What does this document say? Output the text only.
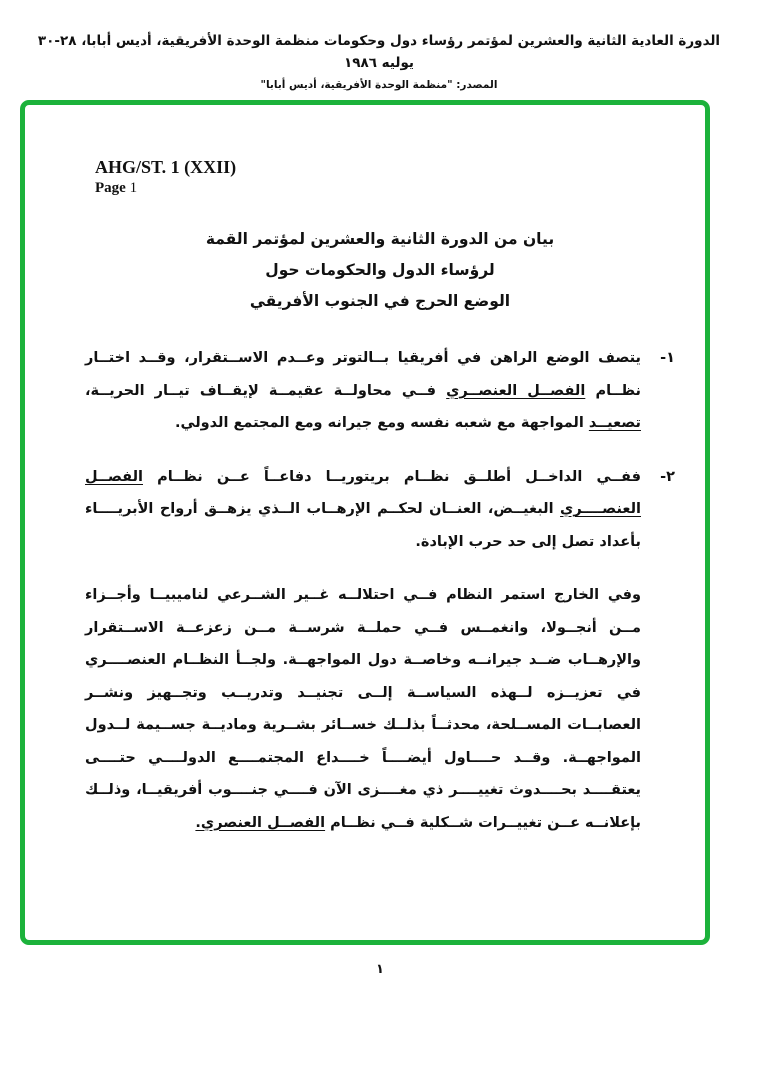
الدورة العادية الثانية والعشرين لمؤتمر رؤساء دول وحكومات منظمة الوحدة الأفريقية، أديس أبابا، ٢٨-٣٠ يوليه ١٩٨٦
المصدر: "منظمة الوحدة الأفريقية، أديس أبابا"
AHG/ST. 1 (XXII)
Page 1
بيان من الدورة الثانية والعشرين لمؤتمر القمة
لرؤساء الدول والحكومات حول
الوضع الحرج في الجنوب الأفريقي
١-
يتصف الوضع الراهن في أفريقيا بــالتوتر وعــدم الاســتقرار، وقــد اختــار نظــام الفصــل العنصــري فــي محاولــة عقيمــة لإيقــاف تيــار الحريــة، تصعيــد المواجهة مع شعبه نفسه ومع جيرانه ومع المجتمع الدولي.
٢-
ففــي الداخــل أطلــق نظــام بريتوريــا دفاعــاً عــن نظــام الفصــل العنصــــري البغيــض، العنــان لحكــم الإرهــاب الــذي يزهــق أرواح الأبريــــاء بأعداد تصل إلى حد حرب الإبادة.
وفي الخارج استمر النظام فــي احتلالــه غــير الشــرعي لناميبيــا وأجــزاء مــن أنجــولا، وانغمــس فــي حملــة شرســة مــن زعزعــة الاســتقرار والإرهــاب ضــد جيرانــه وخاصــة دول المواجهــة. ولجــأ النظــام العنصــــري في تعزيــزه لــهذه السياســة إلــى تجنيــد وتدريــب وتجــهيز ونشــر العصابــات المســلحة، محدثــاً بذلــك خســائر بشــرية وماديــة جســيمة لــدول المواجهــة. وقــد حــــاول أيضــــاً خــــداع المجتمــــع الدولــــي حتــــى يعتقــــد بحــــدوث تغييــــر ذي مغــــزى الآن فــــي جنــــوب أفريقيــا، وذلــك بإعلانــه عــن تغييــرات شــكلية فــي نظــام الفصــل العنصري.
١
